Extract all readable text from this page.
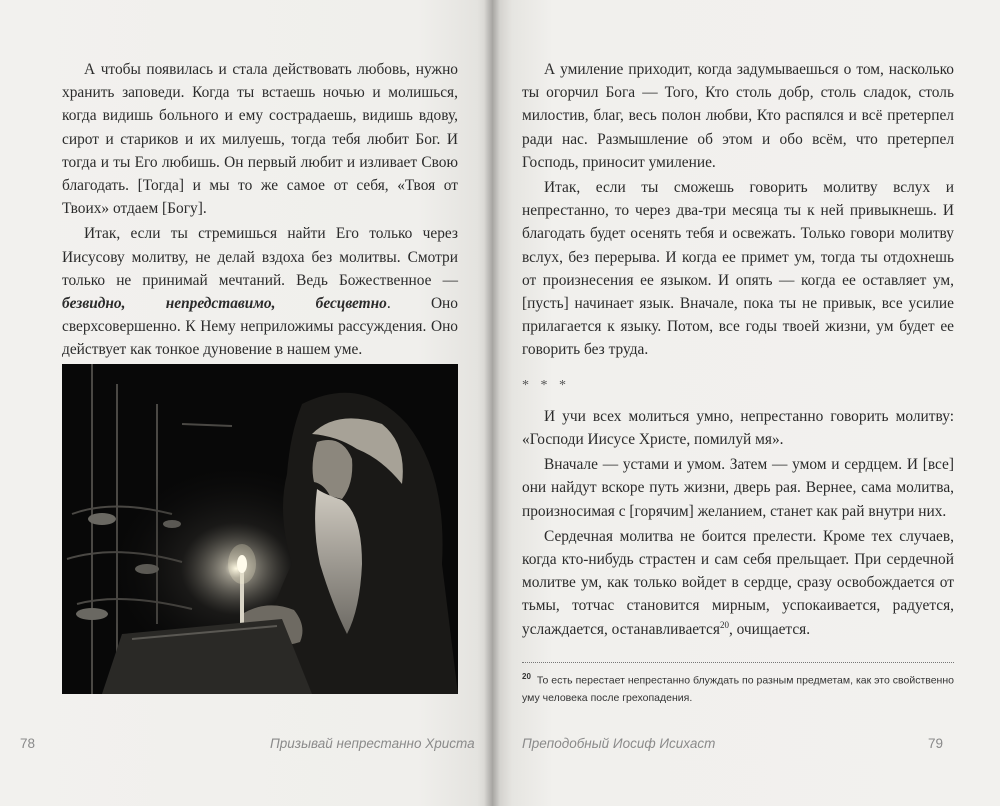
А чтобы появилась и стала действовать любовь, нужно хранить заповеди. Когда ты встаешь ночью и молишься, когда видишь больного и ему сострадаешь, видишь вдову, сирот и стариков и их милуешь, тогда тебя любит Бог. И тогда и ты Его любишь. Он первый любит и изливает Свою благодать. [Тогда] и мы то же самое от себя, «Твоя от Твоих» отдаем [Богу].

Итак, если ты стремишься найти Его только через Иисусову молитву, не делай вздоха без молитвы. Смотри только не принимай мечтаний. Ведь Божественное — безвидно, непредставимо, бесцветно. Оно сверхсовершенно. К Нему неприложимы рассуждения. Оно действует как тонкое дуновение в нашем уме.

78	Призывай непрестанно Христа

А умиление приходит, когда задумываешься о том, насколько ты огорчил Бога — Того, Кто столь добр, столь сладок, столь милостив, благ, весь полон любви, Кто распялся и всё претерпел ради нас. Размышление об этом и обо всём, что претерпел Господь, приносит умиление.

Итак, если ты сможешь говорить молитву вслух и непрестанно, то через два-три месяца ты к ней привыкнешь. И благодать будет осенять тебя и освежать. Только говори молитву вслух, без перерыва. И когда ее примет ум, тогда ты отдохнешь от произнесения ее языком. И опять — когда ее оставляет ум, [пусть] начинает язык. Вначале, пока ты не привык, все усилие прилагается к языку. Потом, все годы твоей жизни, ум будет ее говорить без труда.

* * *

И учи всех молиться умно, непрестанно говорить молитву: «Господи Иисусе Христе, помилуй мя».

Вначале — устами и умом. Затем — умом и сердцем. И [все] они найдут вскоре путь жизни, дверь рая. Вернее, сама молитва, произносимая с [горячим] желанием, станет как рай внутри них.

Сердечная молитва не боится прелести. Кроме тех случаев, когда кто-нибудь страстен и сам себя прельщает. При сердечной молитве ум, как только войдет в сердце, сразу освобождается от тьмы, тотчас становится мирным, успокаивается, радуется, услаждается, останавливается$^{20}$, очищается.

$^{20}$ То есть перестает непрестанно блуждать по разным предметам, как это свойственно уму человека после грехопадения.
Преподобный Иосиф Исихаст	79
